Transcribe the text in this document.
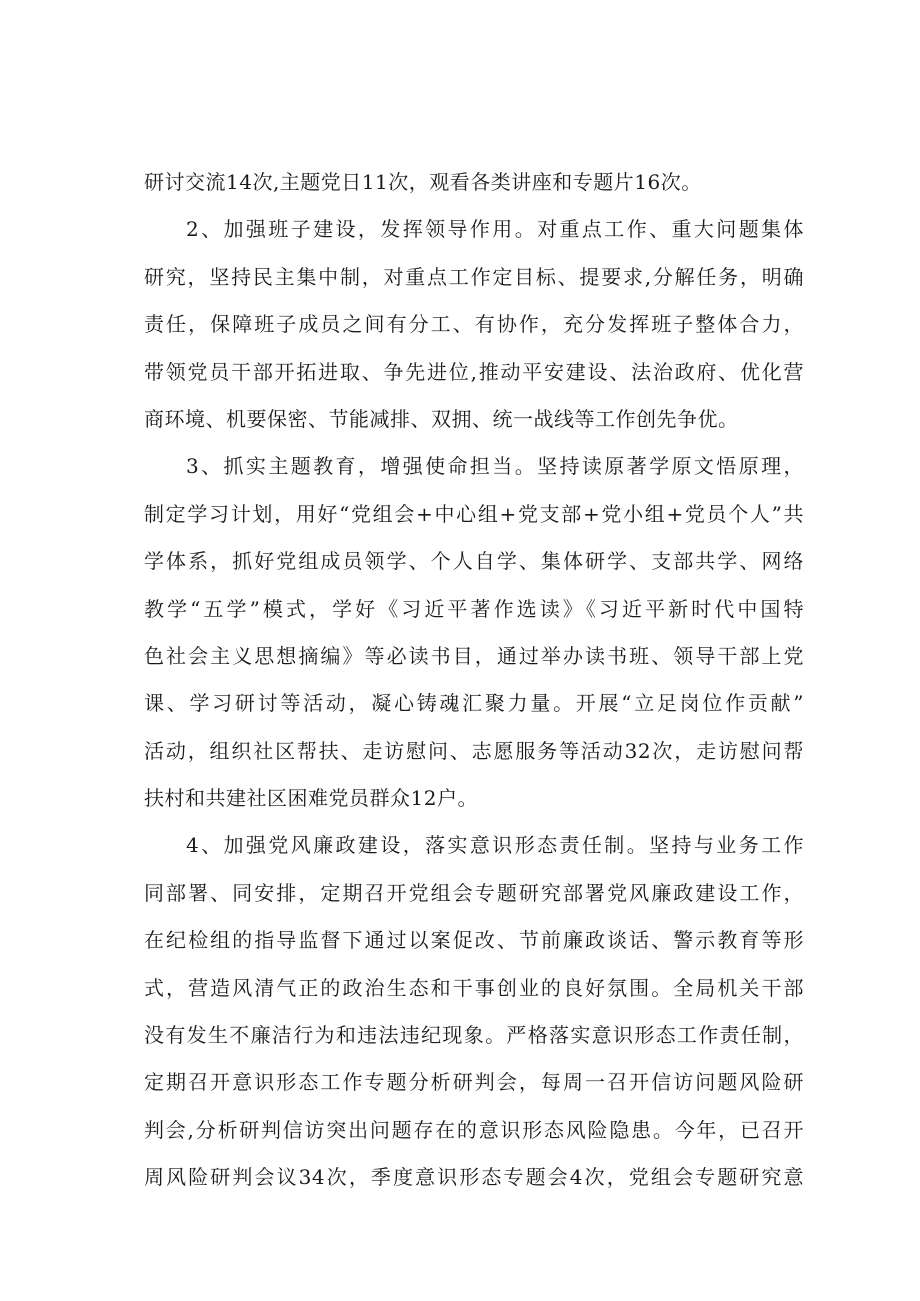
研讨交流14次,主题党日11次，观看各类讲座和专题片16次。
2、加强班子建设，发挥领导作用。对重点工作、重大问题集体
研究，坚持民主集中制，对重点工作定目标、提要求,分解任务，明确
责任，保障班子成员之间有分工、有协作，充分发挥班子整体合力，
带领党员干部开拓进取、争先进位,推动平安建设、法治政府、优化营
商环境、机要保密、节能减排、双拥、统一战线等工作创先争优。
3、抓实主题教育，增强使命担当。坚持读原著学原文悟原理，
制定学习计划，用好“党组会+中心组+党支部+党小组+党员个人”共
学体系，抓好党组成员领学、个人自学、集体研学、支部共学、网络
教学“五学”模式，学好《习近平著作选读》《习近平新时代中国特
色社会主义思想摘编》等必读书目，通过举办读书班、领导干部上党
课、学习研讨等活动，凝心铸魂汇聚力量。开展“立足岗位作贡献”
活动，组织社区帮扶、走访慰问、志愿服务等活动32次，走访慰问帮
扶村和共建社区困难党员群众12户。
4、加强党风廉政建设，落实意识形态责任制。坚持与业务工作
同部署、同安排，定期召开党组会专题研究部署党风廉政建设工作，
在纪检组的指导监督下通过以案促改、节前廉政谈话、警示教育等形
式，营造风清气正的政治生态和干事创业的良好氛围。全局机关干部
没有发生不廉洁行为和违法违纪现象。严格落实意识形态工作责任制，
定期召开意识形态工作专题分析研判会，每周一召开信访问题风险研
判会,分析研判信访突出问题存在的意识形态风险隐患。今年，已召开
周风险研判会议34次，季度意识形态专题会4次，党组会专题研究意
